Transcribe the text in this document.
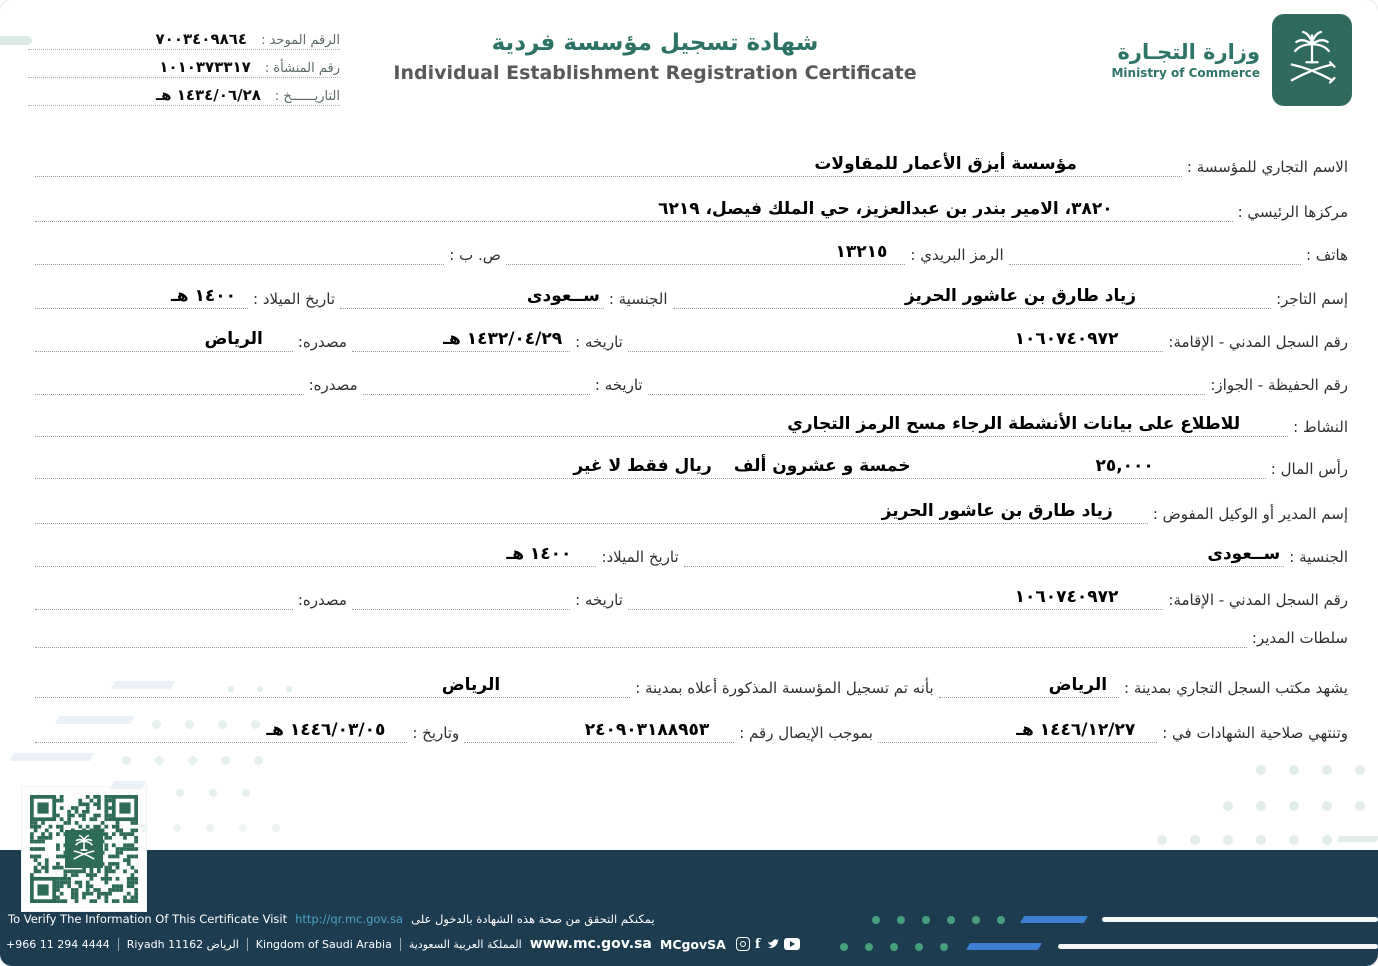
الرقم الموحد :
٧٠٠٣٤٠٩٨٦٤
رقم المنشأة :
١٠١٠٣٧٣٣١٧
التاريــــــخ :
١٤٣٤/٠٦/٢٨ هـ
شهادة تسجيل مؤسسة فردية
Individual Establishment Registration Certificate
وزارة التجـارة
Ministry of Commerce
الاسم التجاري للمؤسسة :
مؤسسة أيزق الأعمار للمقاولات
مركزها الرئيسي :
٣٨٢٠، الامير بندر بن عبدالعزيز، حي الملك فيصل، ٦٢١٩
هاتف :
الرمز البريدي :
١٣٢١٥
ص. ب :
إسم التاجر:
زياد طارق بن عاشور الحريز
الجنسية :
ســعودى
تاريخ الميلاد :
١٤٠٠ هـ
رقم السجل المدني - الإقامة:
١٠٦٠٧٤٠٩٧٢
تاريخه :
١٤٣٢/٠٤/٢٩ هـ
مصدره:
الرياض
رقم الحفيظة - الجواز:
تاريخه :
مصدره:
النشاط :
للاطلاع على بيانات الأنشطة الرجاء مسح الرمز التجاري
رأس المال :
٢٥,٠٠٠
خمسة و عشرون ألف
ريال فقط لا غير
إسم المدير أو الوكيل المفوض :
زياد طارق بن عاشور الحريز
الجنسية :
ســعودى
تاريخ الميلاد:
١٤٠٠ هـ
رقم السجل المدني - الإقامة:
١٠٦٠٧٤٠٩٧٢
تاريخه :
مصدره:
سلطات المدير:
يشهد مكتب السجل التجاري بمدينة :
الرياض
بأنه تم تسجيل المؤسسة المذكورة أعلاه بمدينة :
الرياض
وتنتهي صلاحية الشهادات في :
١٤٤٦/١٢/٢٧ هـ
بموجب الإيصال رقم :
٢٤٠٩٠٣١٨٨٩٥٣
وتاريخ :
١٤٤٦/٠٣/٠٥ هـ
To Verify The Information Of This Certificate Visit http://qr.mc.gov.sa يمكنكم التحقق من صحة هذه الشهادة بالدخول على
+966 11 294 4444 Riyadh 11162 الرياض Kingdom of Saudi Arabia المملكة العربية السعودية www.mc.gov.sa MCgovSA f
